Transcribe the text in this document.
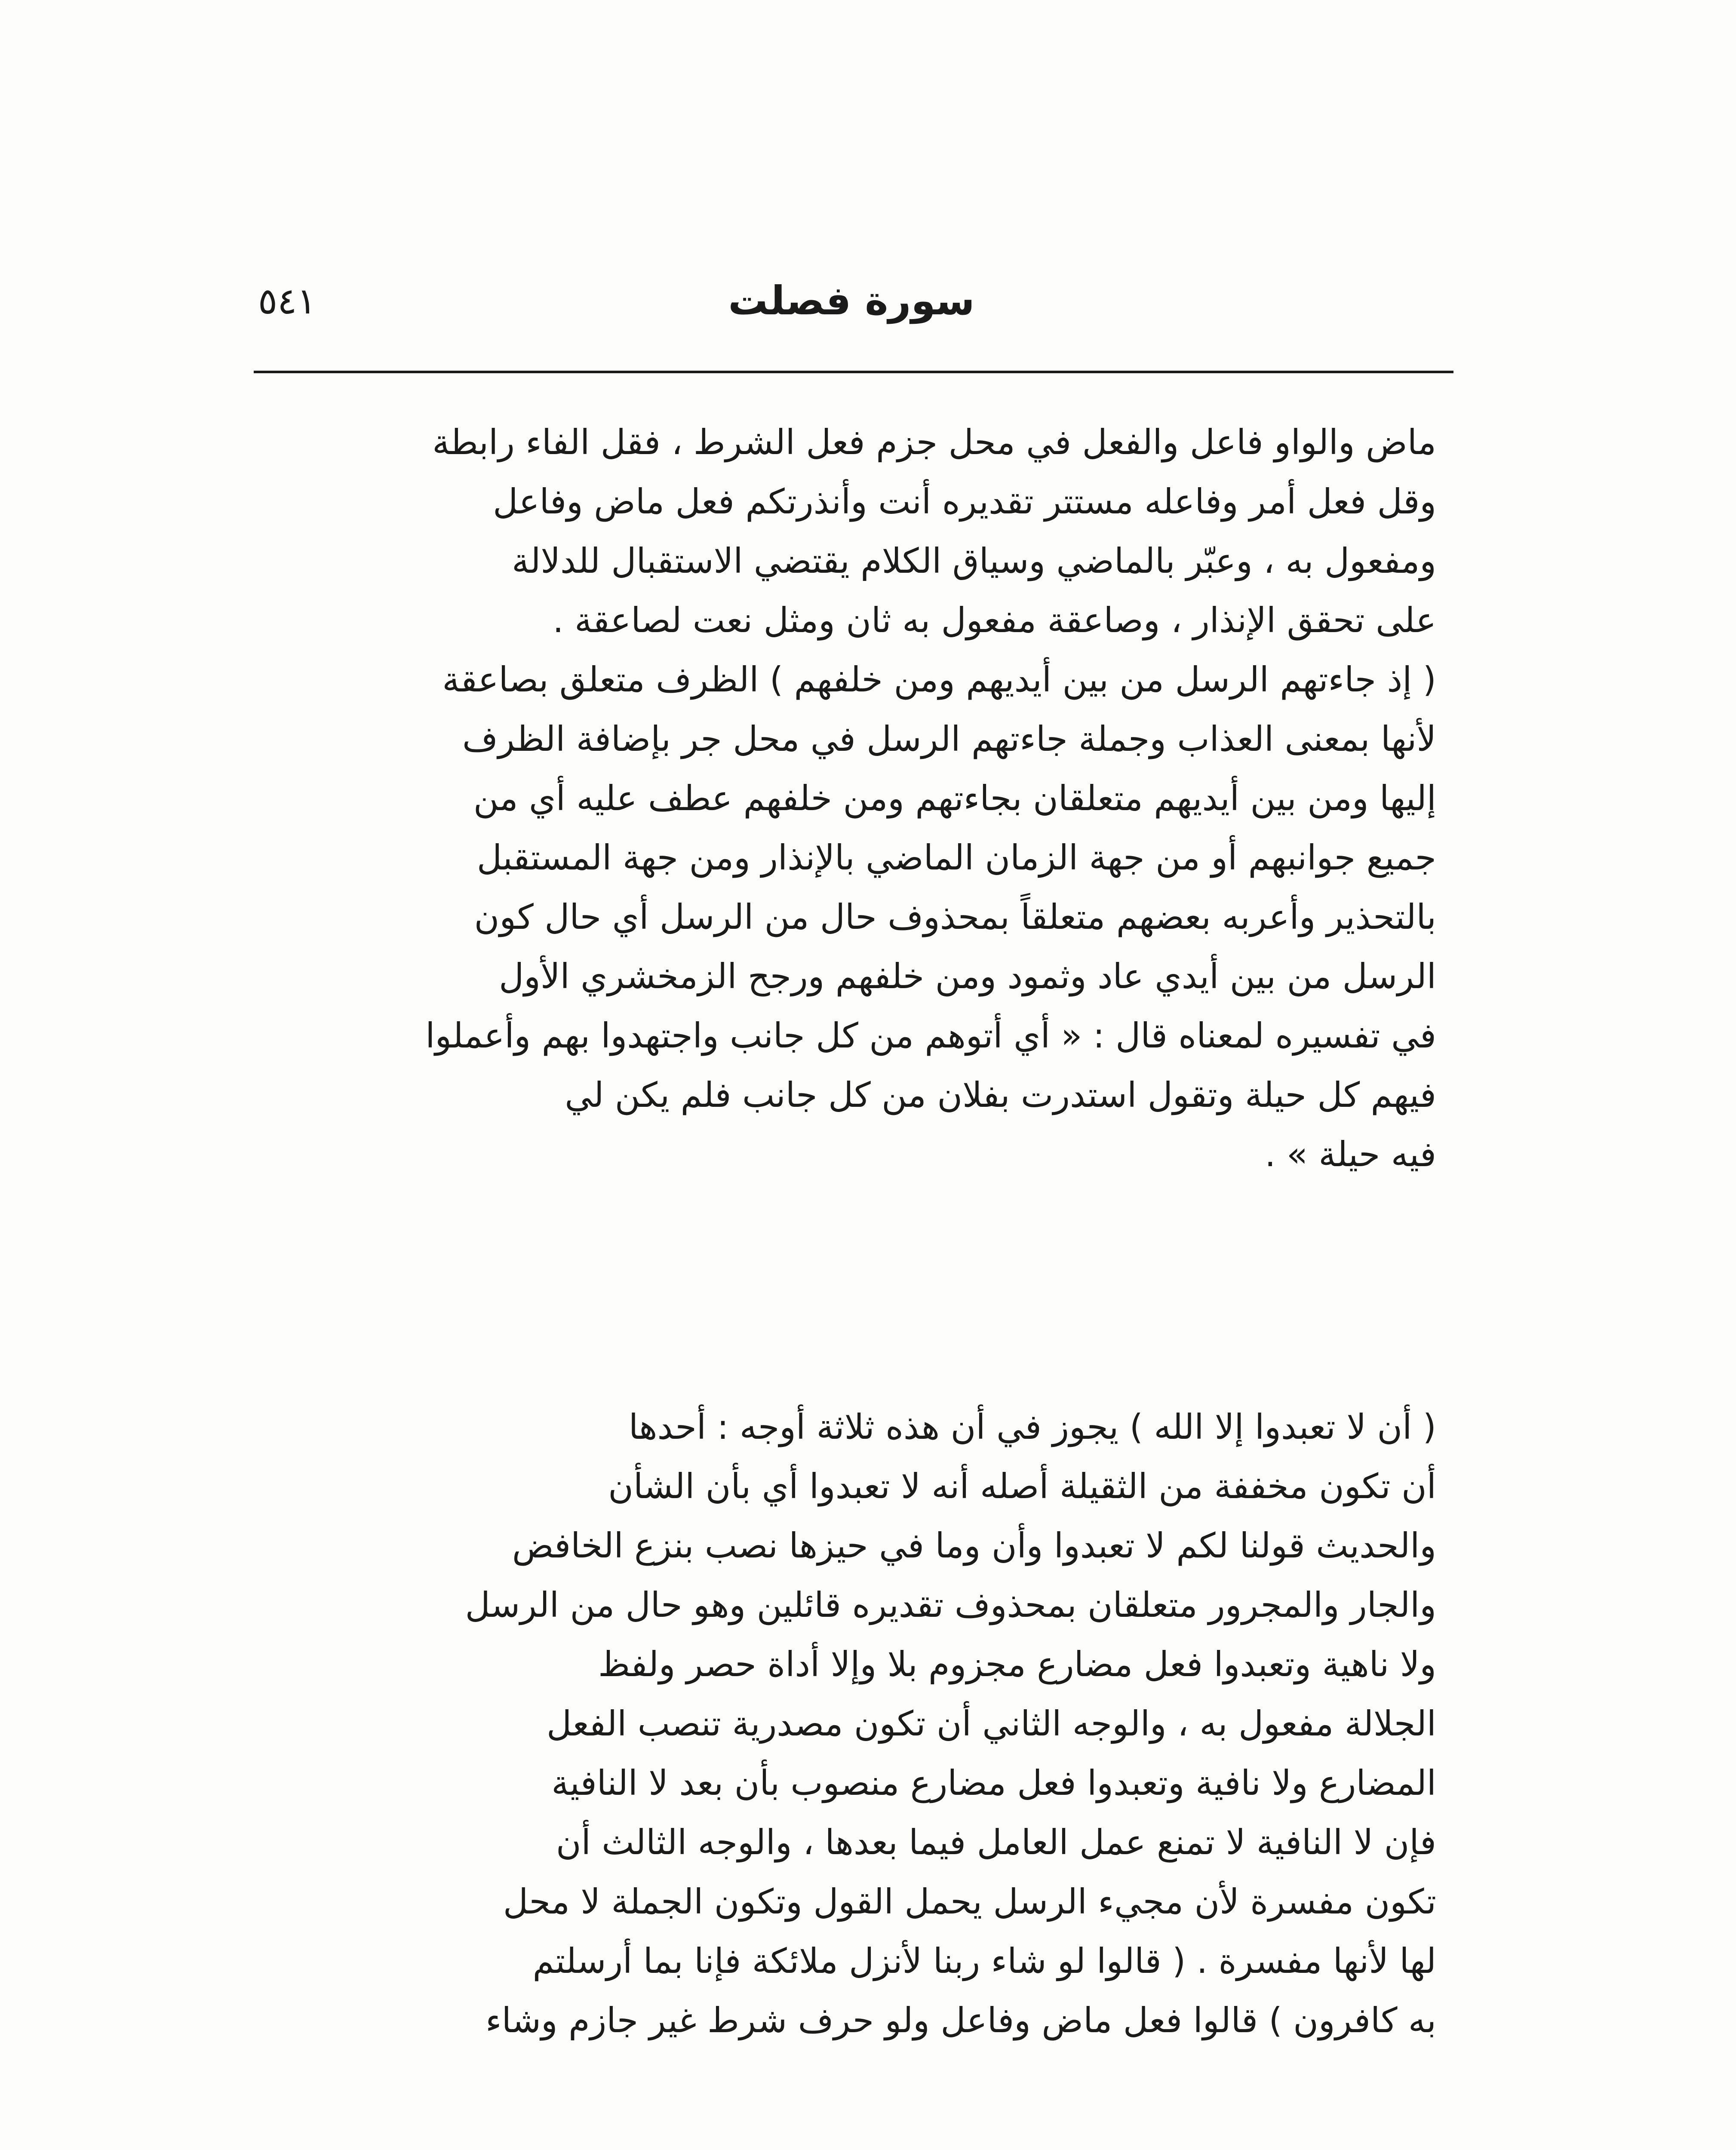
٥٤١	سورة فصلت

ماض والواو فاعل والفعل في محل جزم فعل الشرط ، فقل الفاء رابطة
وقل فعل أمر وفاعله مستتر تقديره أنت وأنذرتكم فعل ماض وفاعل
ومفعول به ، وعبّر بالماضي وسياق الكلام يقتضي الاستقبال للدلالة
على تحقق الإنذار ، وصاعقة مفعول به ثان ومثل نعت لصاعقة .
( إذ جاءتهم الرسل من بين أيديهم ومن خلفهم ) الظرف متعلق بصاعقة
لأنها بمعنى العذاب وجملة جاءتهم الرسل في محل جر بإضافة الظرف
إليها ومن بين أيديهم متعلقان بجاءتهم ومن خلفهم عطف عليه أي من
جميع جوانبهم أو من جهة الزمان الماضي بالإنذار ومن جهة المستقبل
بالتحذير وأعربه بعضهم متعلقاً بمحذوف حال من الرسل أي حال كون
الرسل من بين أيدي عاد وثمود ومن خلفهم ورجح الزمخشري الأول
في تفسيره لمعناه قال : « أي أتوهم من كل جانب واجتهدوا بهم وأعملوا
فيهم كل حيلة وتقول استدرت بفلان من كل جانب فلم يكن لي
فيه حيلة » .

( أن لا تعبدوا إلا الله ) يجوز في أن هذه ثلاثة أوجه : أحدها
أن تكون مخففة من الثقيلة أصله أنه لا تعبدوا أي بأن الشأن
والحديث قولنا لكم لا تعبدوا وأن وما في حيزها نصب بنزع الخافض
والجار والمجرور متعلقان بمحذوف تقديره قائلين وهو حال من الرسل
ولا ناهية وتعبدوا فعل مضارع مجزوم بلا وإلا أداة حصر ولفظ
الجلالة مفعول به ، والوجه الثاني أن تكون مصدرية تنصب الفعل
المضارع ولا نافية وتعبدوا فعل مضارع منصوب بأن بعد لا النافية
فإن لا النافية لا تمنع عمل العامل فيما بعدها ، والوجه الثالث أن
تكون مفسرة لأن مجيء الرسل يحمل القول وتكون الجملة لا محل
لها لأنها مفسرة . ( قالوا لو شاء ربنا لأنزل ملائكة فإنا بما أرسلتم
به كافرون ) قالوا فعل ماض وفاعل ولو حرف شرط غير جازم وشاء
